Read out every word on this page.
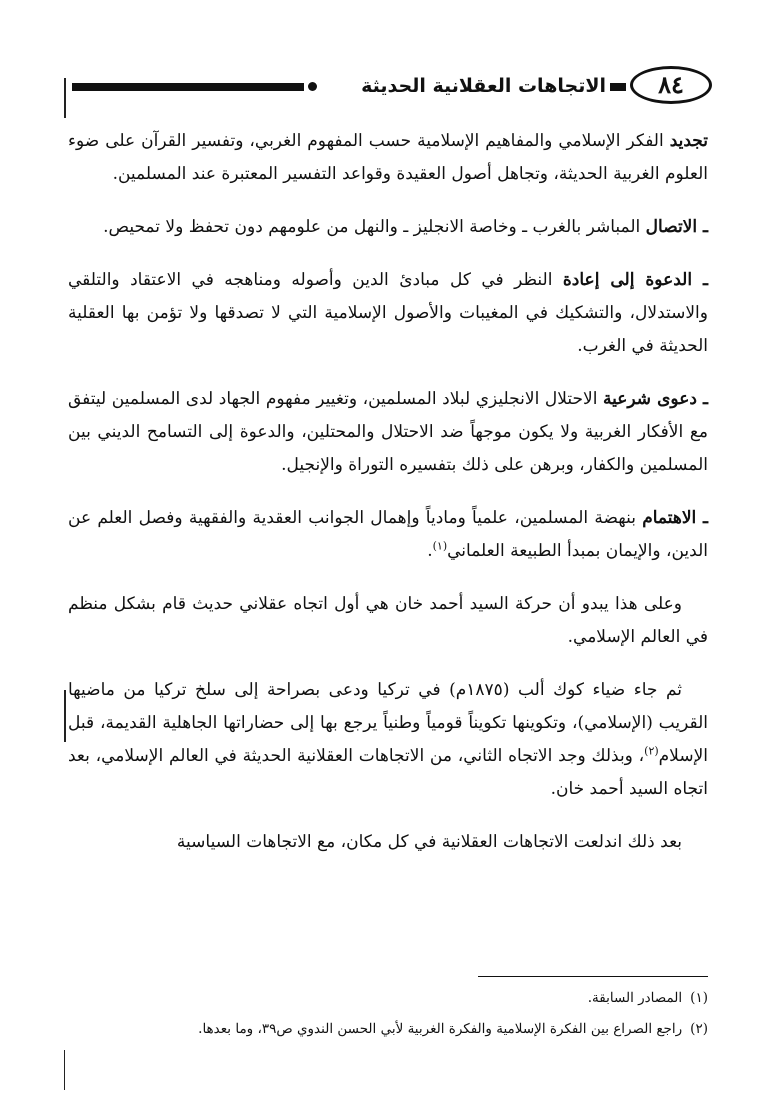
٨٤
الاتجاهات العقلانية الحديثة

تجديد الفكر الإسلامي والمفاهيم الإسلامية حسب المفهوم الغربي، وتفسير القرآن على ضوء العلوم الغربية الحديثة، وتجاهل أصول العقيدة وقواعد التفسير المعتبرة عند المسلمين.

ـ الاتصال المباشر بالغرب ـ وخاصة الانجليز ـ والنهل من علومهم دون تحفظ ولا تمحيص.

ـ الدعوة إلى إعادة النظر في كل مبادئ الدين وأصوله ومناهجه في الاعتقاد والتلقي والاستدلال، والتشكيك في المغيبات والأصول الإسلامية التي لا تصدقها ولا تؤمن بها العقلية الحديثة في الغرب.

ـ دعوى شرعية الاحتلال الانجليزي لبلاد المسلمين، وتغيير مفهوم الجهاد لدى المسلمين ليتفق مع الأفكار الغربية ولا يكون موجهاً ضد الاحتلال والمحتلين، والدعوة إلى التسامح الديني بين المسلمين والكفار، وبرهن على ذلك بتفسيره التوراة والإنجيل.

ـ الاهتمام بنهضة المسلمين، علمياً ومادياً وإهمال الجوانب العقدية والفقهية وفصل العلم عن الدين، والإيمان بمبدأ الطبيعة العلماني$^{(١)}$.

وعلى هذا يبدو أن حركة السيد أحمد خان هي أول اتجاه عقلاني حديث قام بشكل منظم في العالم الإسلامي.

ثم جاء ضياء كوك ألب (١٨٧٥م) في تركيا ودعى بصراحة إلى سلخ تركيا من ماضيها القريب (الإسلامي)، وتكوينها تكويناً قومياً وطنياً يرجع بها إلى حضاراتها الجاهلية القديمة، قبل الإسلام$^{(٢)}$، وبذلك وجد الاتجاه الثاني، من الاتجاهات العقلانية الحديثة في العالم الإسلامي، بعد اتجاه السيد أحمد خان.

بعد ذلك اندلعت الاتجاهات العقلانية في كل مكان، مع الاتجاهات السياسية

(١)المصادر السابقة.

(٢)راجع الصراع بين الفكرة الإسلامية والفكرة الغربية لأبي الحسن الندوي ص٣٩، وما بعدها.
